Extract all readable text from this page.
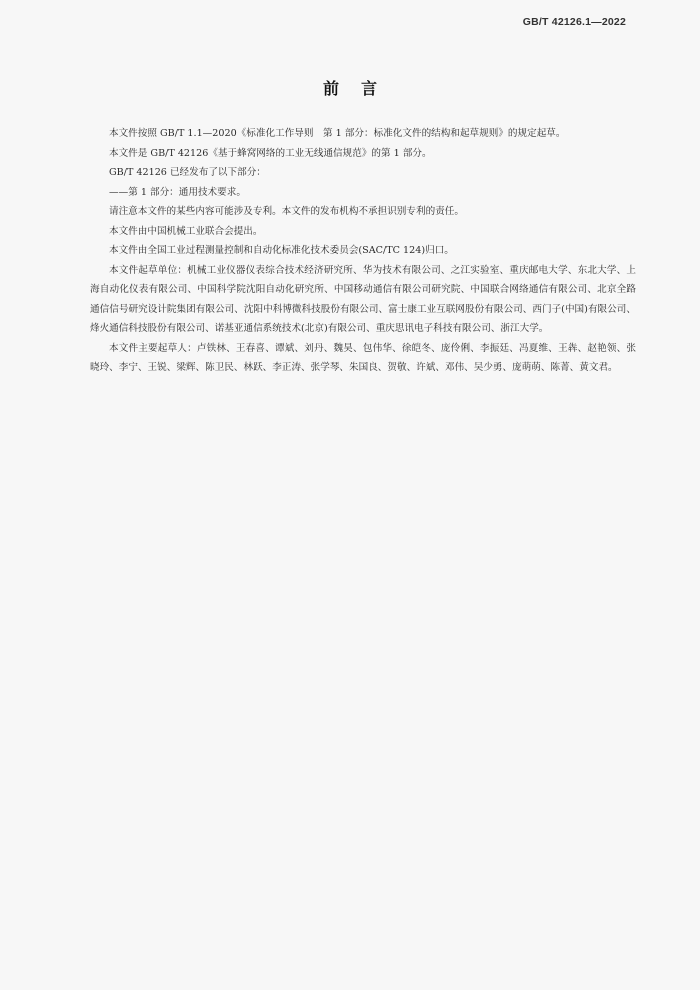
GB/T 42126.1—2022
前言

本文件按照 GB/T 1.1—2020《标准化工作导则　第 1 部分：标准化文件的结构和起草规则》的规定起草。

本文件是 GB/T 42126《基于蜂窝网络的工业无线通信规范》的第 1 部分。

GB/T 42126 已经发布了以下部分：

——第 1 部分：通用技术要求。

请注意本文件的某些内容可能涉及专利。本文件的发布机构不承担识别专利的责任。

本文件由中国机械工业联合会提出。

本文件由全国工业过程测量控制和自动化标准化技术委员会(SAC/TC 124)归口。

本文件起草单位：机械工业仪器仪表综合技术经济研究所、华为技术有限公司、之江实验室、重庆邮电大学、东北大学、上海自动化仪表有限公司、中国科学院沈阳自动化研究所、中国移动通信有限公司研究院、中国联合网络通信有限公司、北京全路通信信号研究设计院集团有限公司、沈阳中科博微科技股份有限公司、富士康工业互联网股份有限公司、西门子(中国)有限公司、烽火通信科技股份有限公司、诺基亚通信系统技术(北京)有限公司、重庆思讯电子科技有限公司、浙江大学。

本文件主要起草人：卢铁林、王春喜、谭斌、刘丹、魏昊、包伟华、徐皑冬、庞伶俐、李振廷、冯夏维、王犇、赵艳领、张晓玲、李宁、王锐、梁辉、陈卫民、林跃、李正涛、张学琴、朱国良、贺敬、许斌、邓伟、吴少勇、庞萌萌、陈菁、黄文君。
